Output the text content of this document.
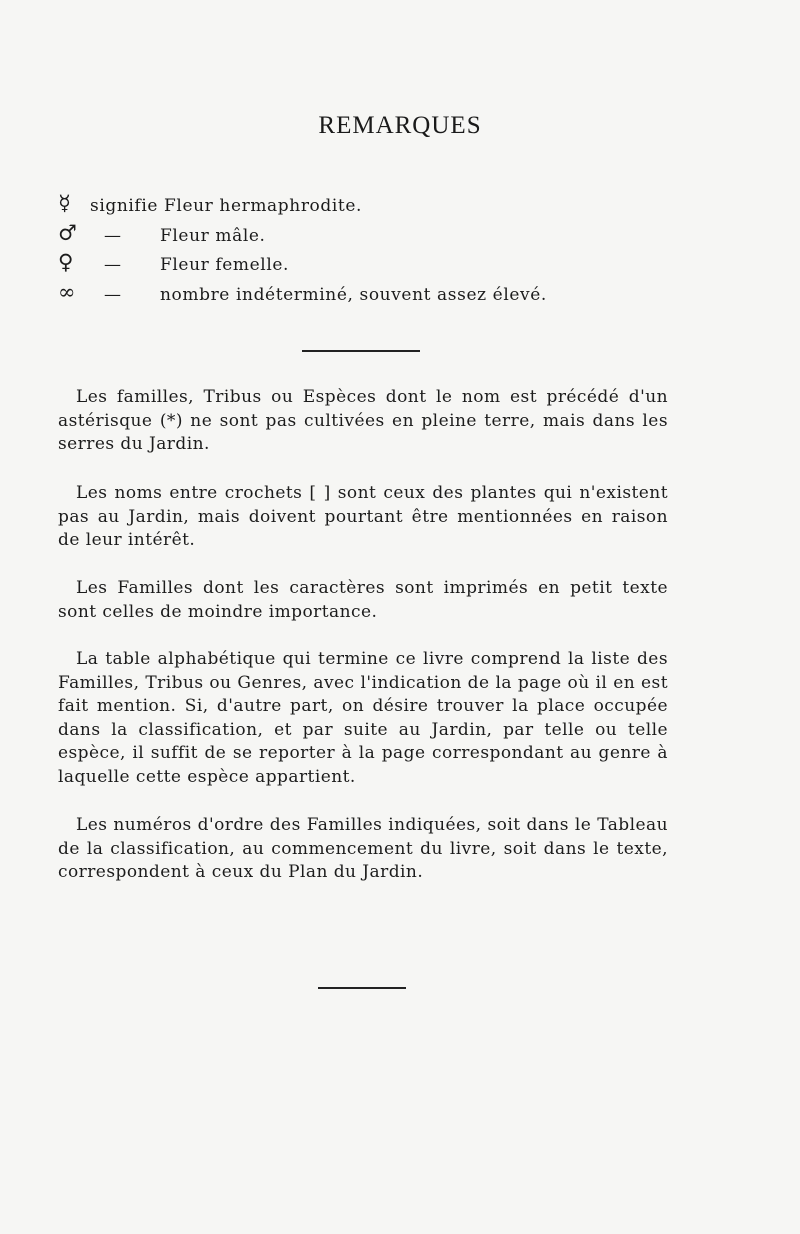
REMARQUES
☿	signifie Fleur hermaphrodite.
♂	— Fleur mâle.
♀	— Fleur femelle.
∞	— nombre indéterminé, souvent assez élevé.

Les familles, Tribus ou Espèces dont le nom est précédé d'un astérisque (*) ne sont pas cultivées en pleine terre, mais dans les serres du Jardin.

Les noms entre crochets [ ] sont ceux des plantes qui n'existent pas au Jardin, mais doivent pourtant être mentionnées en raison de leur intérêt.

Les Familles dont les caractères sont imprimés en petit texte sont celles de moindre importance.

La table alphabétique qui termine ce livre comprend la liste des Familles, Tribus ou Genres, avec l'indication de la page où il en est fait mention. Si, d'autre part, on désire trouver la place occupée dans la classification, et par suite au Jardin, par telle ou telle espèce, il suffit de se reporter à la page correspondant au genre à laquelle cette espèce appartient.

Les numéros d'ordre des Familles indiquées, soit dans le Tableau de la classification, au commencement du livre, soit dans le texte, correspondent à ceux du Plan du Jardin.
